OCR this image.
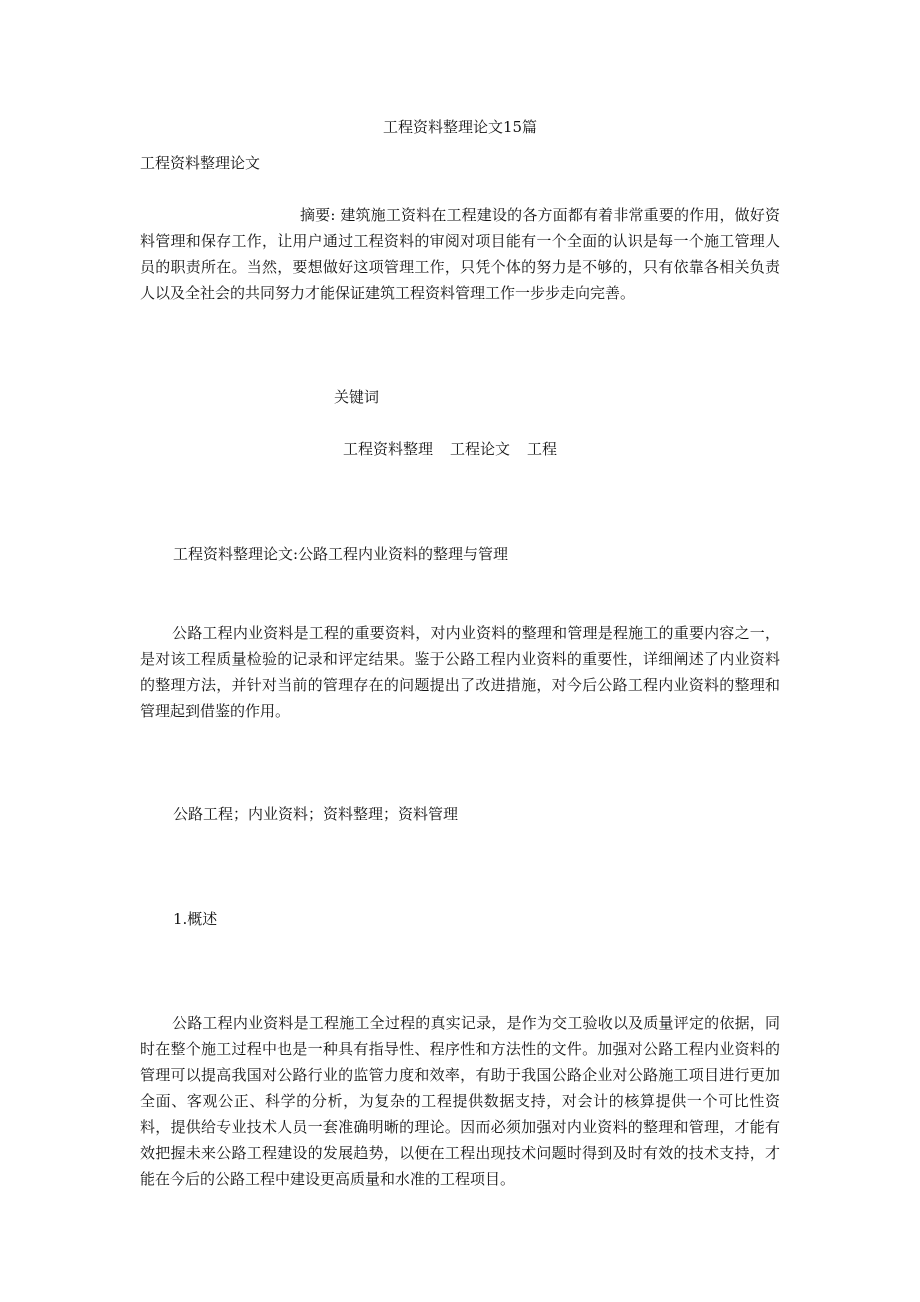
工程资料整理论文15篇
工程资料整理论文

摘要: 建筑施工资料在工程建设的各方面都有着非常重要的作用，做好资料管理和保存工作，让用户通过工程资料的审阅对项目能有一个全面的认识是每一个施工管理人员的职责所在。当然，要想做好这项管理工作，只凭个体的努力是不够的，只有依靠各相关负责人以及全社会的共同努力才能保证建筑工程资料管理工作一步步走向完善。

关键词
工程资料整理 工程论文 工程
工程资料整理论文:公路工程内业资料的整理与管理

公路工程内业资料是工程的重要资料，对内业资料的整理和管理是程施工的重要内容之一，是对该工程质量检验的记录和评定结果。鉴于公路工程内业资料的重要性，详细阐述了内业资料的整理方法，并针对当前的管理存在的问题提出了改进措施，对今后公路工程内业资料的整理和管理起到借鉴的作用。

公路工程；内业资料；资料整理；资料管理
1.概述

公路工程内业资料是工程施工全过程的真实记录，是作为交工验收以及质量评定的依据，同时在整个施工过程中也是一种具有指导性、程序性和方法性的文件。加强对公路工程内业资料的管理可以提高我国对公路行业的监管力度和效率，有助于我国公路企业对公路施工项目进行更加全面、客观公正、科学的分析，为复杂的工程提供数据支持，对会计的核算提供一个可比性资料，提供给专业技术人员一套准确明晰的理论。因而必须加强对内业资料的整理和管理，才能有效把握未来公路工程建设的发展趋势，以便在工程出现技术问题时得到及时有效的技术支持，才能在今后的公路工程中建设更高质量和水准的工程项目。
